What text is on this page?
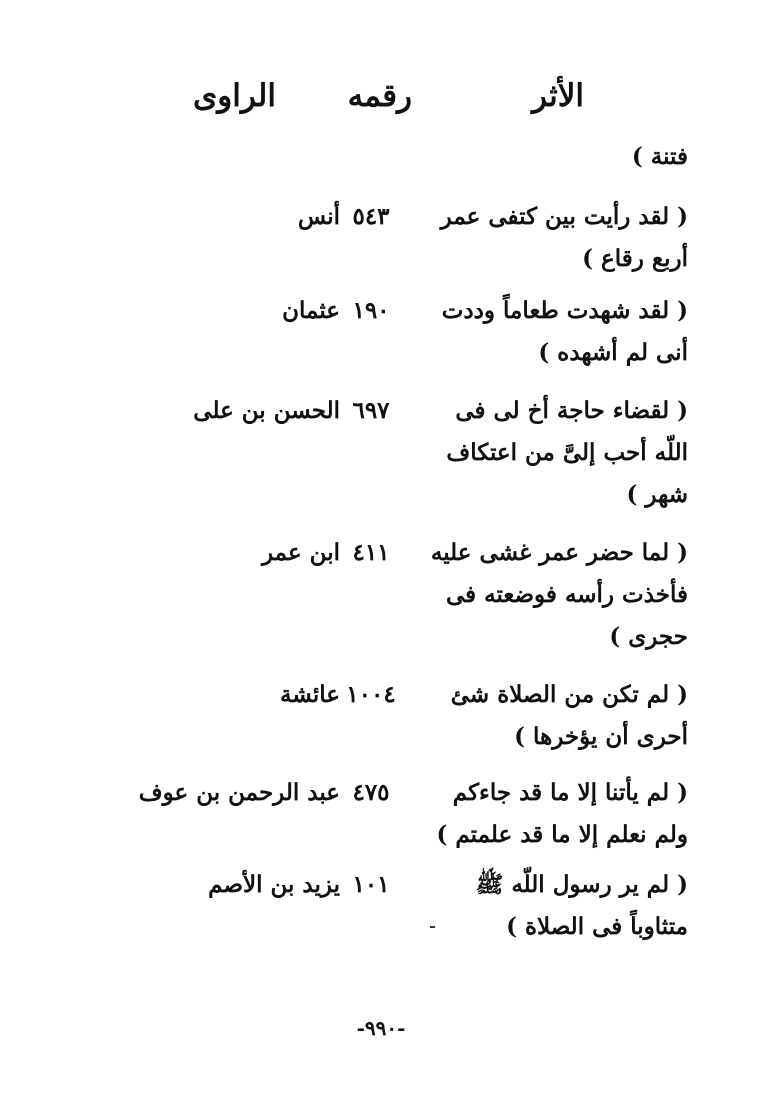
الأثر
رقمه
الراوى
فتنة )
( لقد رأيت بين كتفى عمر أربع رقاع )
٥٤٣
أنس
( لقد شهدت طعاماً وددت أنى لم أشهده )
١٩٠
عثمان
( لقضاء حاجة أخ لى فى اللّه أحب إلىَّ من اعتكاف شهر )
٦٩٧
الحسن بن على
( لما حضر عمر غشى عليه فأخذت رأسه فوضعته فى حجرى )
٤١١
ابن عمر
( لم تكن من الصلاة شئ أحرى أن يؤخرها )
١٠٠٤
عائشة
( لم يأتنا إلا ما قد جاءكم ولم نعلم إلا ما قد علمتم )
٤٧٥
عبد الرحمن بن عوف
( لم ير رسول اللّه ﷺ متثاوباً فى الصلاة )
١٠١
يزيد بن الأصم
-٩٩٠-
